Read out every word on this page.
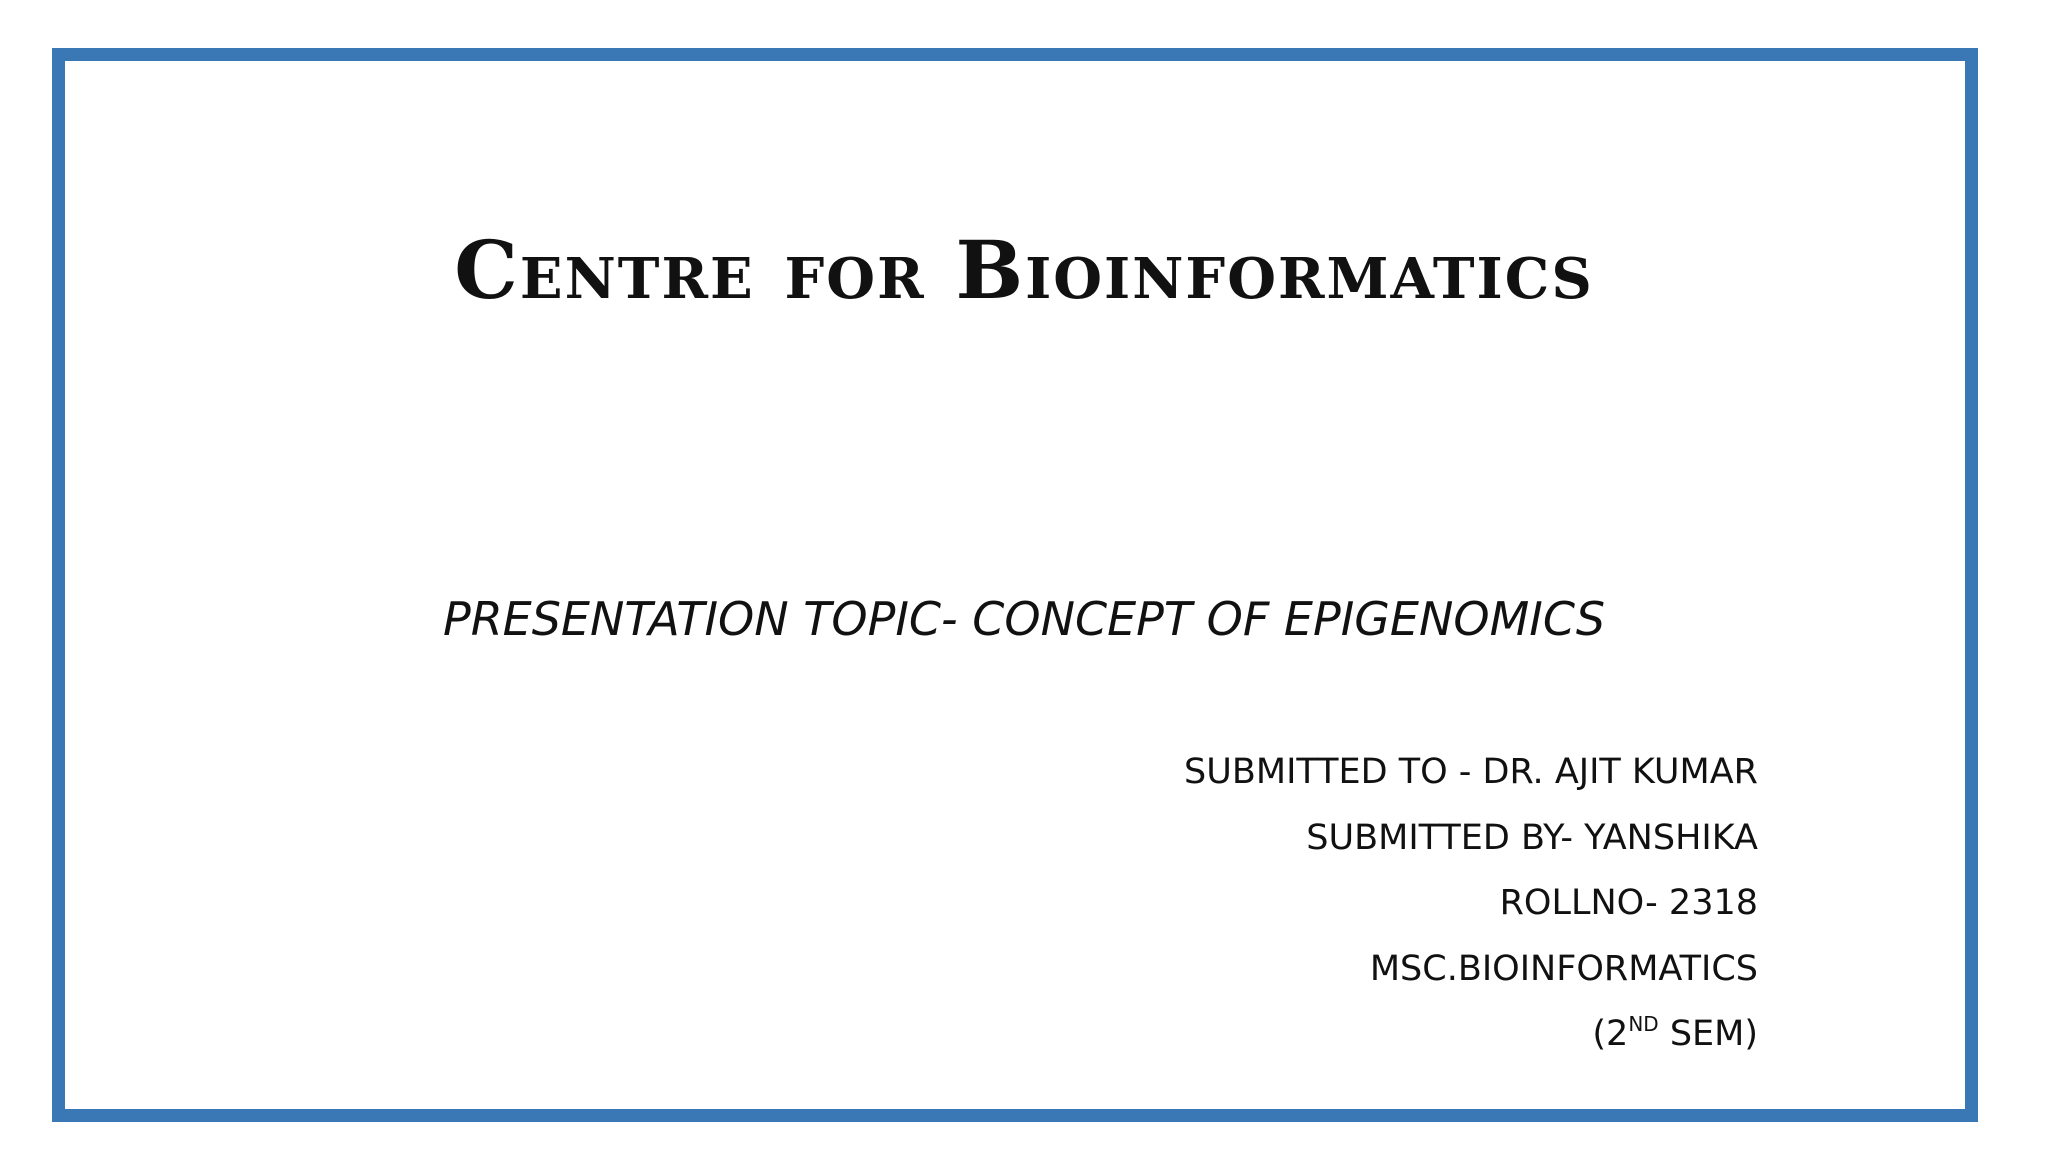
Centre for Bioinformatics
PRESENTATION TOPIC- CONCEPT OF EPIGENOMICS
SUBMITTED TO - DR. AJIT KUMAR
SUBMITTED BY- YANSHIKA
ROLLNO- 2318
MSC.BIOINFORMATICS
(2ND SEM)
